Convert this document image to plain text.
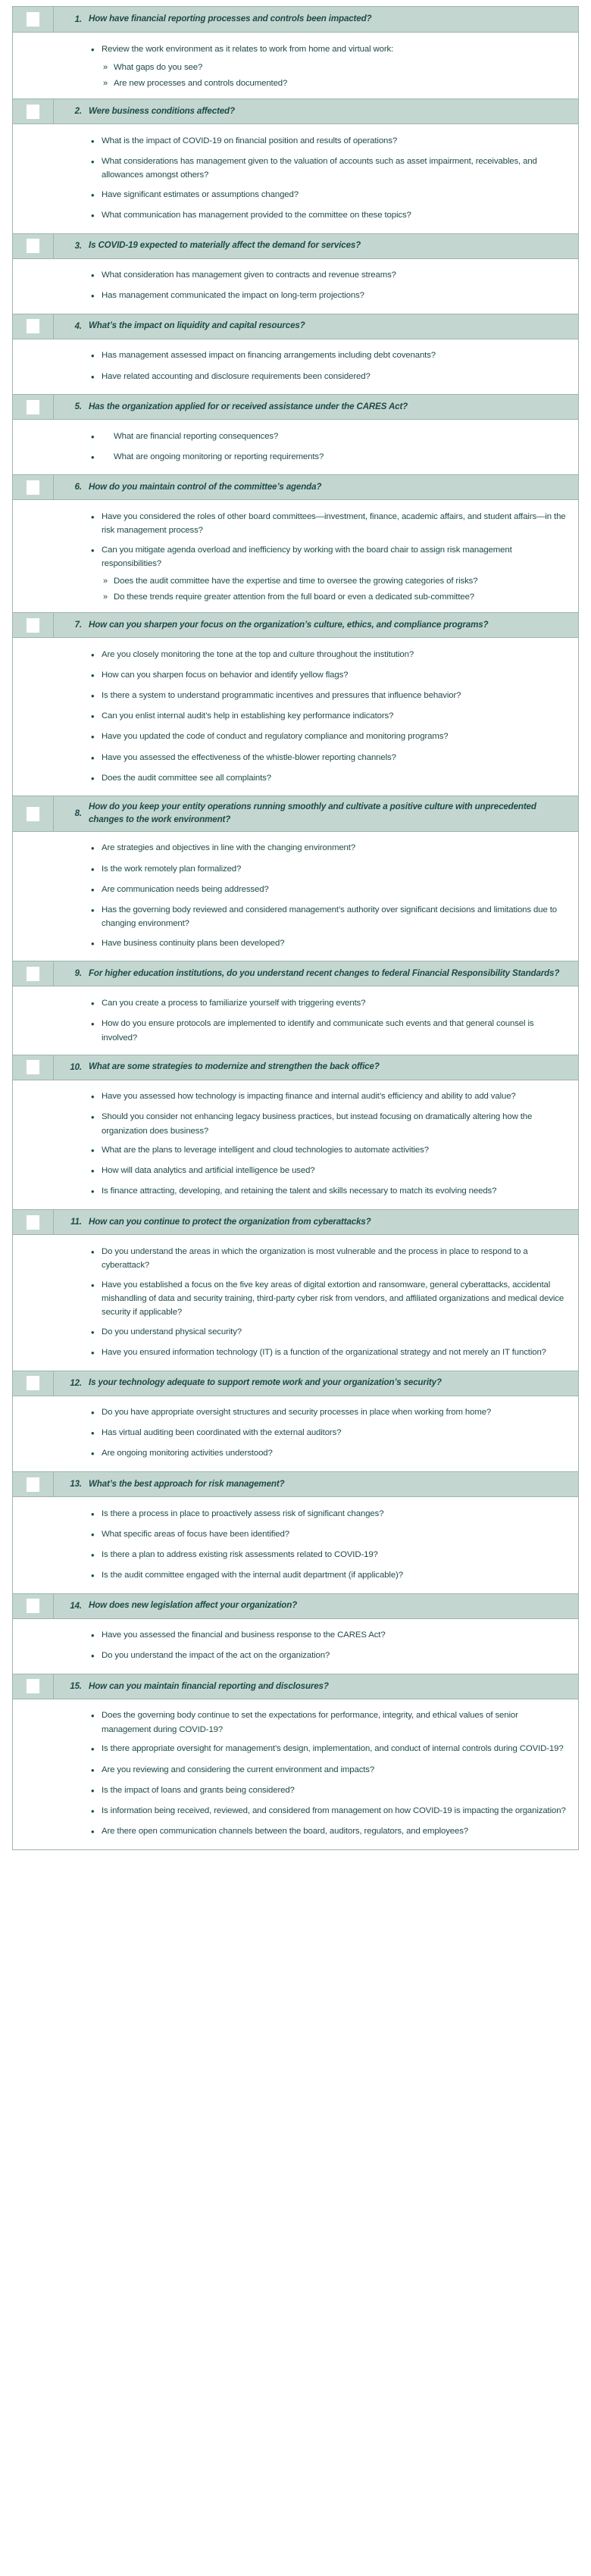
1. How have financial reporting processes and controls been impacted?
• Review the work environment as it relates to work from home and virtual work:
» What gaps do you see?
» Are new processes and controls documented?
2. Were business conditions affected?
• What is the impact of COVID-19 on financial position and results of operations?
• What considerations has management given to the valuation of accounts such as asset impairment, receivables, and allowances amongst others?
• Have significant estimates or assumptions changed?
• What communication has management provided to the committee on these topics?
3. Is COVID-19 expected to materially affect the demand for services?
• What consideration has management given to contracts and revenue streams?
• Has management communicated the impact on long-term projections?
4. What’s the impact on liquidity and capital resources?
• Has management assessed impact on financing arrangements including debt covenants?
• Have related accounting and disclosure requirements been considered?
5. Has the organization applied for or received assistance under the CARES Act?
•	What are financial reporting consequences?
•	What are ongoing monitoring or reporting requirements?
6. How do you maintain control of the committee’s agenda?
• Have you considered the roles of other board committees—investment, finance, academic affairs, and student affairs—in the risk management process?
• Can you mitigate agenda overload and inefficiency by working with the board chair to assign risk management responsibilities?
» Does the audit committee have the expertise and time to oversee the growing categories of risks?
» Do these trends require greater attention from the full board or even a dedicated sub-committee?
7. How can you sharpen your focus on the organization’s culture, ethics, and compliance programs?
• Are you closely monitoring the tone at the top and culture throughout the institution?
• How can you sharpen focus on behavior and identify yellow flags?
• Is there a system to understand programmatic incentives and pressures that influence behavior?
• Can you enlist internal audit’s help in establishing key performance indicators?
• Have you updated the code of conduct and regulatory compliance and monitoring programs?
• Have you assessed the effectiveness of the whistle-blower reporting channels?
• Does the audit committee see all complaints?
8.
How do you keep your entity operations running smoothly and cultivate a positive culture with unprecedented changes to the work environment?
• Are strategies and objectives in line with the changing environment?
• Is the work remotely plan formalized?
• Are communication needs being addressed?
• Has the governing body reviewed and considered management’s authority over significant decisions and limitations due to changing environment?
• Have business continuity plans been developed?
9. For higher education institutions, do you understand recent changes to federal Financial Responsibility Standards?
• Can you create a process to familiarize yourself with triggering events?
• How do you ensure protocols are implemented to identify and communicate such events and that general counsel is involved?
10. What are some strategies to modernize and strengthen the back office?
• Have you assessed how technology is impacting finance and internal audit’s efficiency and ability to add value?
• Should you consider not enhancing legacy business practices, but instead focusing on dramatically altering how the organization does business?
• What are the plans to leverage intelligent and cloud technologies to automate activities?
• How will data analytics and artificial intelligence be used?
• Is finance attracting, developing, and retaining the talent and skills necessary to match its evolving needs?
11. How can you continue to protect the organization from cyberattacks?
• Do you understand the areas in which the organization is most vulnerable and the process in place to respond to a cyberattack?
• Have you established a focus on the five key areas of digital extortion and ransomware, general cyberattacks, accidental mishandling of data and security training, third-party cyber risk from vendors, and affiliated organizations and medical device security if applicable?
• Do you understand physical security?
• Have you ensured information technology (IT) is a function of the organizational strategy and not merely an IT function?
12. Is your technology adequate to support remote work and your organization’s security?
• Do you have appropriate oversight structures and security processes in place when working from home?
• Has virtual auditing been coordinated with the external auditors?
• Are ongoing monitoring activities understood?
13. What’s the best approach for risk management?
• Is there a process in place to proactively assess risk of significant changes?
• What specific areas of focus have been identified?
• Is there a plan to address existing risk assessments related to COVID-19?
• Is the audit committee engaged with the internal audit department (if applicable)?
14. How does new legislation affect your organization?
• Have you assessed the financial and business response to the CARES Act?
• Do you understand the impact of the act on the organization?
15. How can you maintain financial reporting and disclosures?
• Does the governing body continue to set the expectations for performance, integrity, and ethical values of senior management during COVID-19?
• Is there appropriate oversight for management’s design, implementation, and conduct of internal controls during COVID-19?
• Are you reviewing and considering the current environment and impacts?
• Is the impact of loans and grants being considered?
• Is information being received, reviewed, and considered from management on how COVID-19 is impacting the organization?
• Are there open communication channels between the board, auditors, regulators, and employees?
